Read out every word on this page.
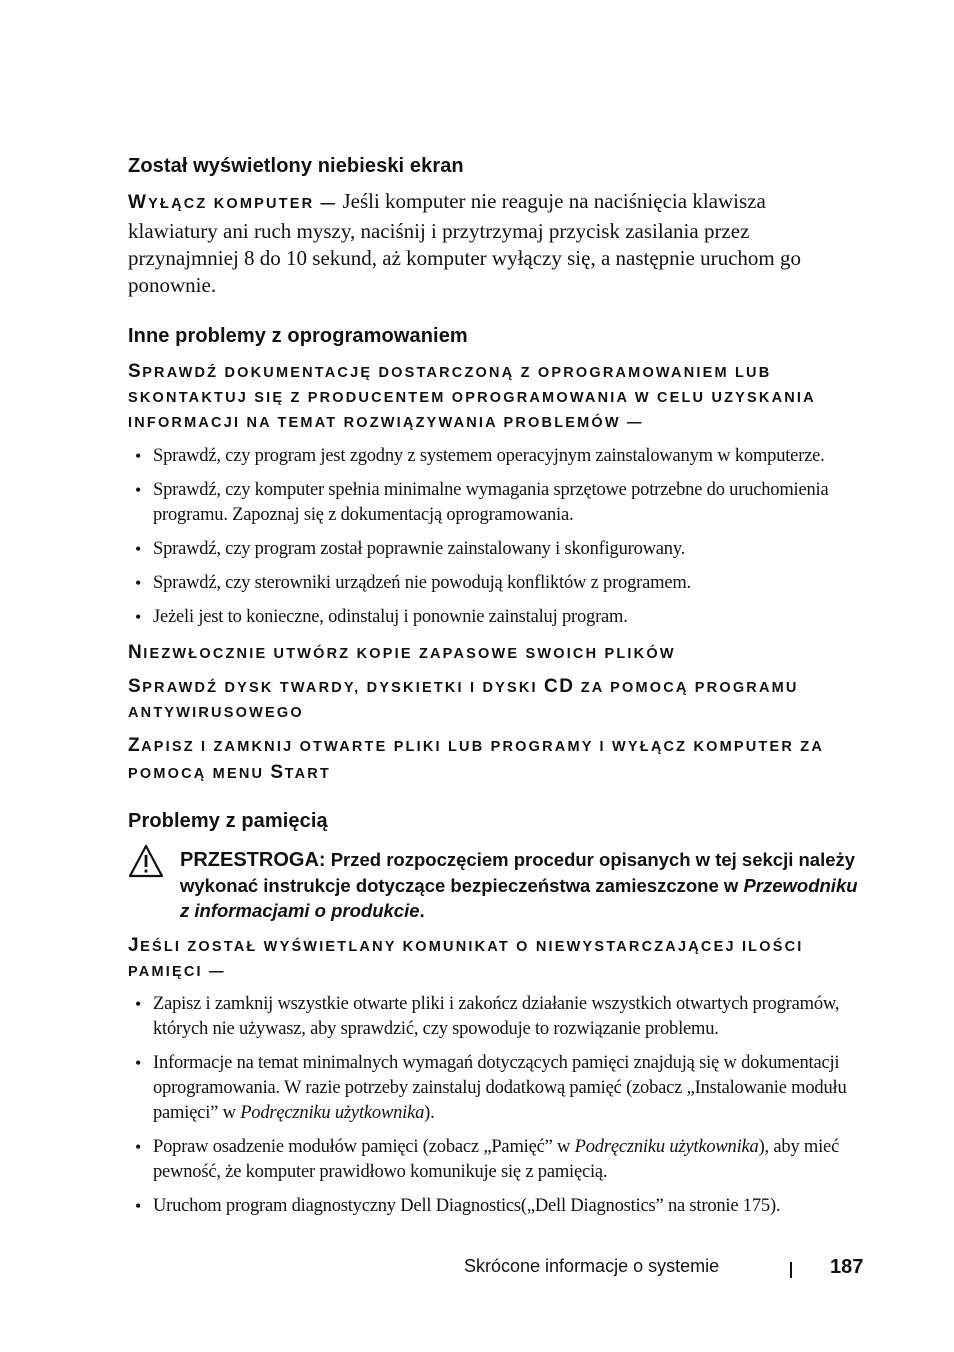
Został wyświetlony niebieski ekran
WYŁĄCZ KOMPUTER — Jeśli komputer nie reaguje na naciśnięcia klawisza klawiatury ani ruch myszy, naciśnij i przytrzymaj przycisk zasilania przez przynajmniej 8 do 10 sekund, aż komputer wyłączy się, a następnie uruchom go ponownie.
Inne problemy z oprogramowaniem
SPRAWDŹ DOKUMENTACJĘ DOSTARCZONĄ Z OPROGRAMOWANIEM LUB SKONTAKTUJ SIĘ Z PRODUCENTEM OPROGRAMOWANIA W CELU UZYSKANIA INFORMACJI NA TEMAT ROZWIĄZYWANIA PROBLEMÓW —
• Sprawdź, czy program jest zgodny z systemem operacyjnym zainstalowanym w komputerze.
• Sprawdź, czy komputer spełnia minimalne wymagania sprzętowe potrzebne do uruchomienia programu. Zapoznaj się z dokumentacją oprogramowania.
• Sprawdź, czy program został poprawnie zainstalowany i skonfigurowany.
• Sprawdź, czy sterowniki urządzeń nie powodują konfliktów z programem.
• Jeżeli jest to konieczne, odinstaluj i ponownie zainstaluj program.
NIEZWŁOCZNIE UTWÓRZ KOPIE ZAPASOWE SWOICH PLIKÓW
SPRAWDŹ DYSK TWARDY, DYSKIETKI I DYSKI CD ZA POMOCĄ PROGRAMU ANTYWIRUSOWEGO
ZAPISZ I ZAMKNIJ OTWARTE PLIKI LUB PROGRAMY I WYŁĄCZ KOMPUTER ZA POMOCĄ MENU START
Problemy z pamięcią
PRZESTROGA: Przed rozpoczęciem procedur opisanych w tej sekcji należy wykonać instrukcje dotyczące bezpieczeństwa zamieszczone w Przewodniku z informacjami o produkcie.
JEŚLI ZOSTAŁ WYŚWIETLANY KOMUNIKAT O NIEWYSTARCZAJĄCEJ ILOŚCI PAMIĘCI —
• Zapisz i zamknij wszystkie otwarte pliki i zakończ działanie wszystkich otwartych programów, których nie używasz, aby sprawdzić, czy spowoduje to rozwiązanie problemu.
• Informacje na temat minimalnych wymagań dotyczących pamięci znajdują się w dokumentacji oprogramowania. W razie potrzeby zainstaluj dodatkową pamięć (zobacz „Instalowanie modułu pamięci” w Podręczniku użytkownika).
• Popraw osadzenie modułów pamięci (zobacz „Pamięć” w Podręczniku użytkownika), aby mieć pewność, że komputer prawidłowo komunikuje się z pamięcią.
• Uruchom program diagnostyczny Dell Diagnostics(„Dell Diagnostics” na stronie 175).
Skrócone informacje o systemie	187
